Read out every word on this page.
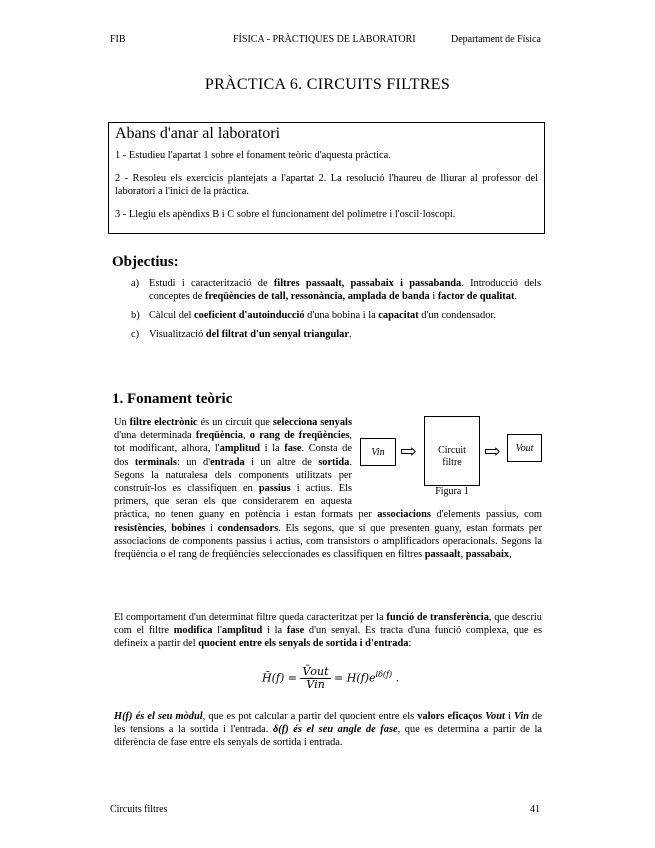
FIB	FÍSICA - PRÀCTIQUES DE LABORATORI	Departament de Física
PRÀCTICA 6. CIRCUITS FILTRES
Abans d'anar al laboratori

1 - Estudieu l'apartat 1 sobre el fonament teòric d'aquesta pràctica.

2 - Resoleu els exercicis plantejats a l'apartat 2. La resolució l'haureu de lliurar al professor del laboratori a l'inici de la pràctica.

3 - Llegiu els apèndixs B i C sobre el funcionament del polímetre i l'oscil·loscopi.

Objectius:
a) Estudi i caracterització de filtres passaalt, passabaix i passabanda. Introducció dels conceptes de freqüències de tall, ressonància, amplada de banda i factor de qualitat.
b) Càlcul del coeficient d'autoinducció d'una bobina i la capacitat d'un condensador.
c) Visualització del filtrat d'un senyal triangular.
1. Fonament teòric
Vin ⇨	Circuit
filtre	⇨	Vout
Figura 1
Un filtre electrònic és un circuit que selecciona senyals d'una determinada freqüència, o rang de freqüències, tot modificant, alhora, l'amplitud i la fase. Consta de dos terminals: un d'entrada i un altre de sortida. Segons la naturalesa dels components utilitzats per construir-los es classifiquen en passius i actius. Els primers, que seran els que considerarem en aquesta pràctica, no tenen guany en potència i estan formats per associacions d'elements passius, com resistències, bobines i condensadors. Els segons, que sí que presenten guany, estan formats per associacions de components passius i actius, com transistors o amplificadors operacionals. Segons la freqüència o el rang de freqüències seleccionades es classifiquen en filtres passaalt, passabaix,
El comportament d'un determinat filtre queda caracteritzat per la funció de transferència, que descriu com el filtre modifica l'amplitud i la fase d'un senyal. Es tracta d'una funció complexa, que es defineix a partir del quocient entre els senyals de sortida i d'entrada:
H̄(f) = $\frac{\text{V̄out}}{V̄in} = H(f)e^{i\delta(f)}$ .
H(f) és el seu mòdul, que es pot calcular a partir del quocient entre els valors eficaços Vout i Vin de les tensions a la sortida i l'entrada. δ(f) és el seu angle de fase, que es determina a partir de la diferència de fase entre els senyals de sortida i entrada.
Circuits filtres	41
